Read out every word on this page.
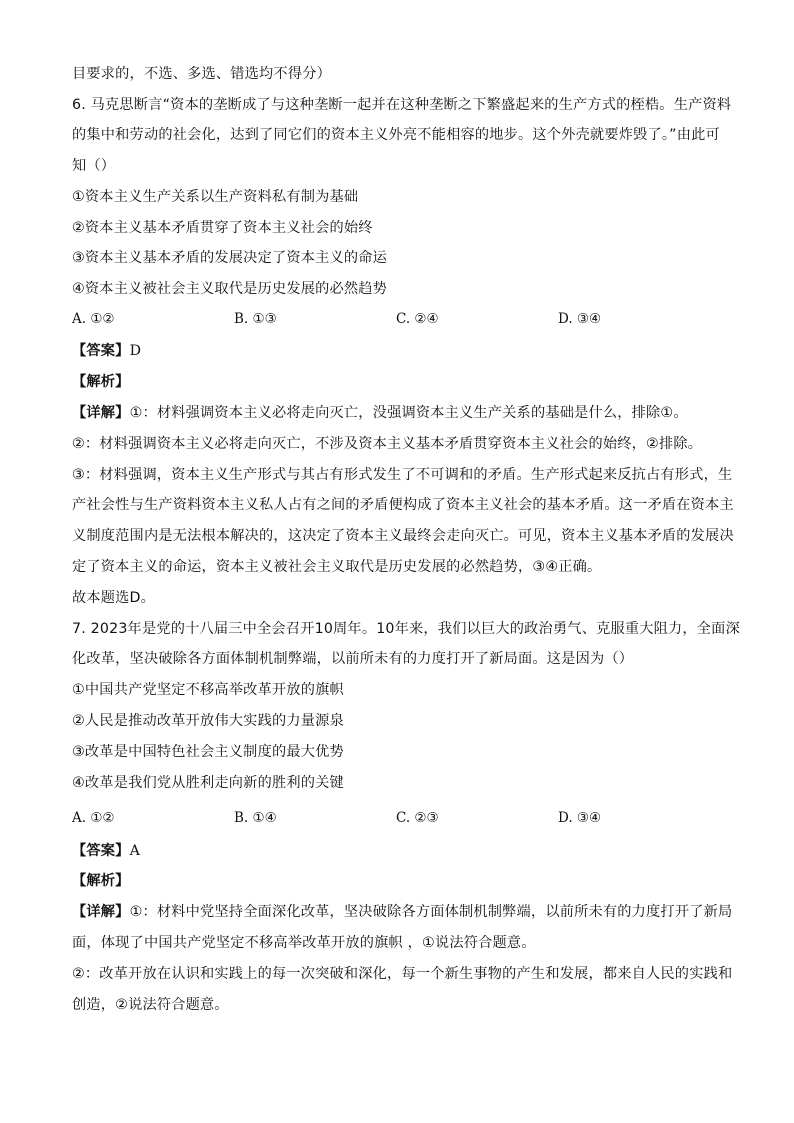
目要求的，不选、多选、错选均不得分）
6. 马克思断言“资本的垄断成了与这种垄断一起并在这种垄断之下繁盛起来的生产方式的桎梏。生产资料
的集中和劳动的社会化，达到了同它们的资本主义外亮不能相容的地步。这个外壳就要炸毁了。”由此可
知（）
①资本主义生产关系以生产资料私有制为基础
②资本主义基本矛盾贯穿了资本主义社会的始终
③资本主义基本矛盾的发展决定了资本主义的命运
④资本主义被社会主义取代是历史发展的必然趋势
A. ①②	B. ①③	C. ②④	D. ③④
【答案】D
【解析】
【详解】①：材料强调资本主义必将走向灭亡，没强调资本主义生产关系的基础是什么，排除①。
②：材料强调资本主义必将走向灭亡，不涉及资本主义基本矛盾贯穿资本主义社会的始终，②排除。
③：材料强调，资本主义生产形式与其占有形式发生了不可调和的矛盾。生产形式起来反抗占有形式，生
产社会性与生产资料资本主义私人占有之间的矛盾便构成了资本主义社会的基本矛盾。这一矛盾在资本主
义制度范围内是无法根本解决的，这决定了资本主义最终会走向灭亡。可见，资本主义基本矛盾的发展决
定了资本主义的命运，资本主义被社会主义取代是历史发展的必然趋势，③④正确。
故本题选D。
7. 2023年是党的十八届三中全会召开10周年。10年来，我们以巨大的政治勇气、克服重大阻力，全面深
化改革，坚决破除各方面体制机制弊端，以前所未有的力度打开了新局面。这是因为（）
①中国共产党坚定不移高举改革开放的旗帜
②人民是推动改革开放伟大实践的力量源泉
③改革是中国特色社会主义制度的最大优势
④改革是我们党从胜利走向新的胜利的关键
A. ①②	B. ①④	C. ②③	D. ③④
【答案】A
【解析】
【详解】①：材料中党坚持全面深化改革，坚决破除各方面体制机制弊端，以前所未有的力度打开了新局
面，体现了中国共产党坚定不移高举改革开放的旗帜 ，①说法符合题意。
②：改革开放在认识和实践上的每一次突破和深化，每一个新生事物的产生和发展，都来自人民的实践和
创造，②说法符合题意。
